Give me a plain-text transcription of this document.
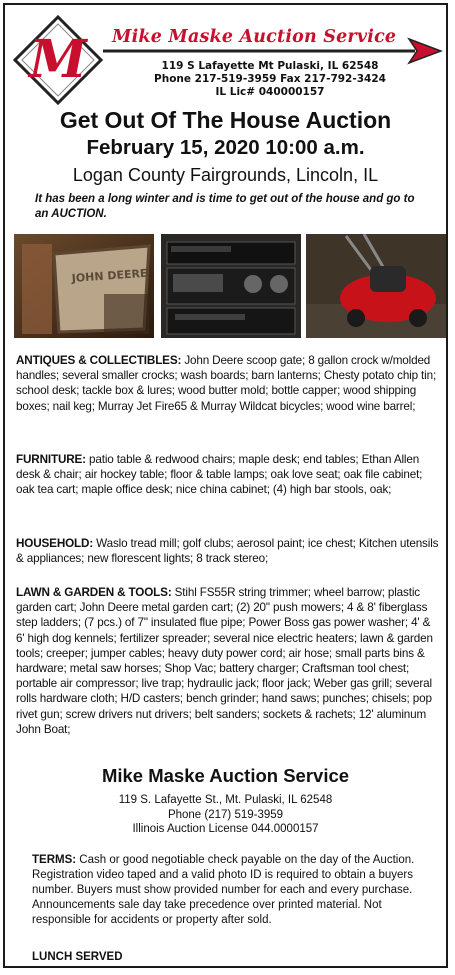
M Mike Maske Auction Service
119 S Lafayette Mt Pulaski, IL 62548
Phone 217-519-3959 Fax 217-792-3424
IL Lic# 040000157
Get Out Of The House Auction
February 15, 2020 10:00 a.m.
Logan County Fairgrounds, Lincoln, IL
It has been a long winter and is time to get out of the house and go to an AUCTION.
JOHN DEERE
ANTIQUES & COLLECTIBLES: John Deere scoop gate; 8 gallon crock w/molded handles; several smaller crocks; wash boards; barn lanterns; Chesty potato chip tin; school desk; tackle box & lures; wood butter mold; bottle capper; wood shipping boxes; nail keg; Murray Jet Fire65 & Murray Wildcat bicycles; wood wine barrel;
FURNITURE: patio table & redwood chairs; maple desk; end tables; Ethan Allen desk & chair; air hockey table; floor & table lamps; oak love seat; oak file cabinet; oak tea cart; maple office desk; nice china cabinet; (4) high bar stools, oak;
HOUSEHOLD: Waslo tread mill; golf clubs; aerosol paint; ice chest; Kitchen utensils & appliances; new florescent lights; 8 track stereo;
LAWN & GARDEN & TOOLS: Stihl FS55R string trimmer; wheel barrow; plastic garden cart; John Deere metal garden cart; (2) 20" push mowers; 4 & 8' fiberglass step ladders; (7 pcs.) of 7" insulated flue pipe; Power Boss gas power washer; 4' & 6' high dog kennels; fertilizer spreader; several nice electric heaters; lawn & garden tools; creeper; jumper cables; heavy duty power cord; air hose; small parts bins & hardware; metal saw horses; Shop Vac; battery charger; Craftsman tool chest; portable air compressor; live trap; hydraulic jack; floor jack; Weber gas grill; several rolls hardware cloth; H/D casters; bench grinder; hand saws; punches; chisels; pop rivet gun; screw drivers nut drivers; belt sanders; sockets & rachets; 12' aluminum John Boat;
Mike Maske Auction Service
119 S. Lafayette St., Mt. Pulaski, IL 62548
Phone (217) 519-3959
Illinois Auction License 044.0000157
TERMS: Cash or good negotiable check payable on the day of the Auction. Registration video taped and a valid photo ID is required to obtain a buyers number. Buyers must show provided number for each and every purchase. Announcements sale day take precedence over printed material. Not responsible for accidents or property after sold.
LUNCH SERVED
